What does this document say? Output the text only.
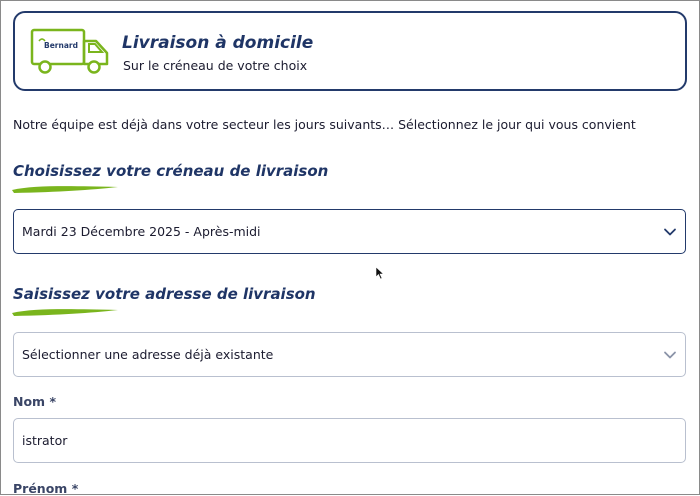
Bernard	Livraison à domicile
Sur le créneau de votre choix
Notre équipe est déjà dans votre secteur les jours suivants… Sélectionnez le jour qui vous convient
Choisissez votre créneau de livraison
Mardi 23 Décembre 2025 - Après-midi
Saisissez votre adresse de livraison
Sélectionner une adresse déjà existante
Nom *
istrator
Prénom *
